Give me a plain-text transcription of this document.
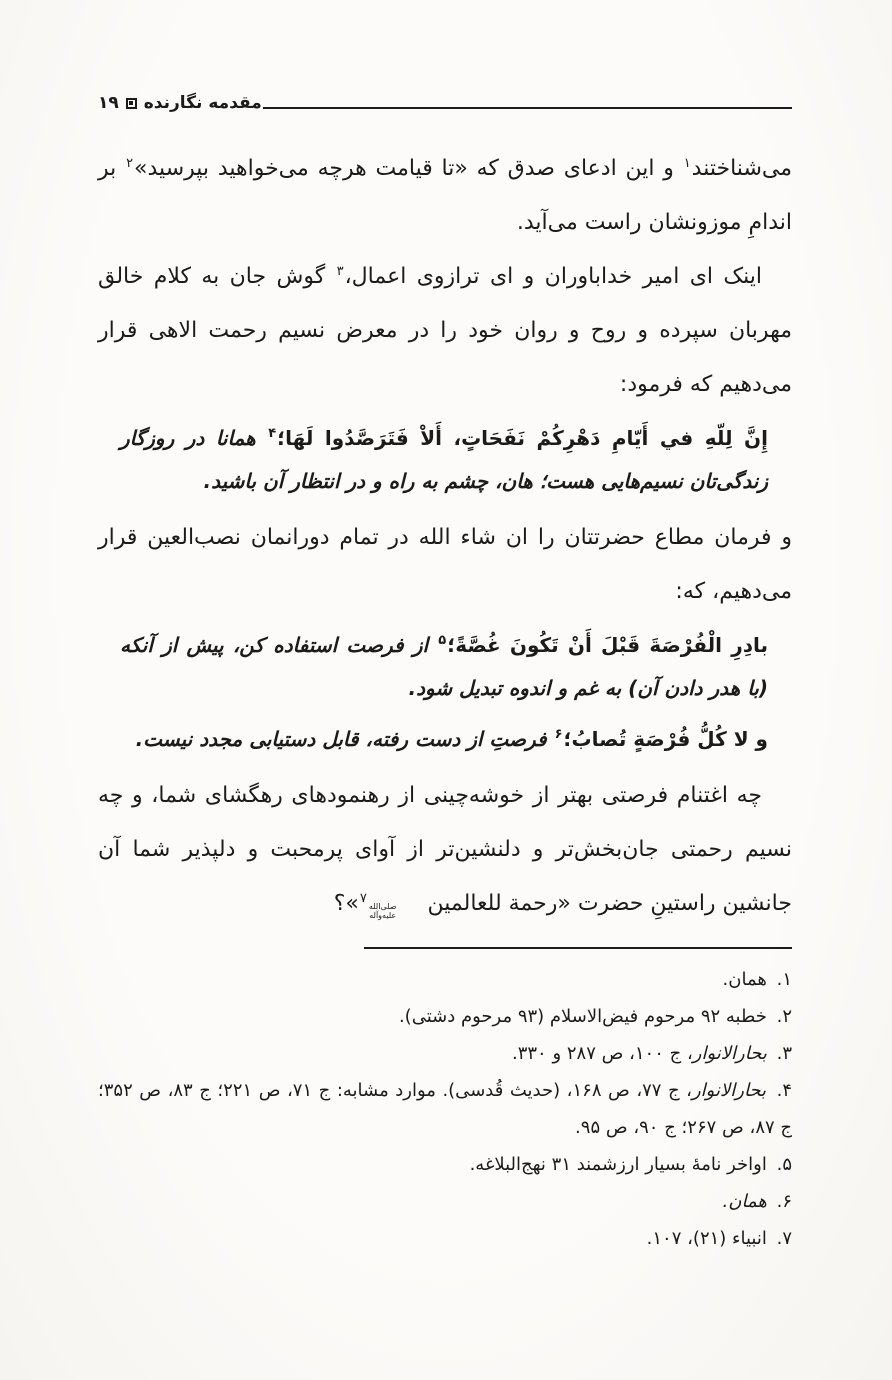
مقدمه نگارنده
۱۹

می‌شناختند$^۱$ و این ادعای صدق که «تا قیامت هرچه می‌خواهید بپرسید»$^۲$ بر اندامِ موزونشان راست می‌آید.

اینک ای امیر خداباوران و ای ترازوی اعمال،$^۳$ گوش جان به کلام خالق مهربان سپرده و روح و روان خود را در معرض نسیم رحمت الاهی قرار می‌دهیم که فرمود:

إِنَّ لِلّهِ في أَیّامِ دَهْرِكُمْ نَفَحَاتٍ، أَلاْ فَتَرَصَّدُوا لَهَا؛$^۴$ همانا در روزگار زندگی‌تان نسیم‌هایی هست؛ هان، چشم به راه و در انتظار آن باشید.

و فرمان مطاع حضرتتان را ان شاء الله در تمام دورانمان نصب‌العین قرار می‌دهیم، که:

بادِرِ الْفُرْصَةَ قَبْلَ أَنْ تَكُونَ غُصَّةً؛$^۵$ از فرصت استفاده کن، پیش از آنکه (با هدر دادن آن) به غم و اندوه تبدیل شود.
و لا كُلُّ فُرْصَةٍ تُصابُ؛$^۶$ فرصتِ از دست رفته، قابل دستیابی مجدد نیست.

چه اغتنام فرصتی بهتر از خوشه‌چینی از رهنمودهای رهگشای شما، و چه نسیم رحمتی جان‌بخش‌تر و دلنشین‌تر از آوای پرمحبت و دلپذیر شما آن جانشین راستینِ حضرت «رحمة للعالمین
صلی‌الله
علیه‌وآله
$^۷$»؟

۱. همان.

۲. خطبه ۹۲ مرحوم فیض‌الاسلام (۹۳ مرحوم دشتی).

۳. بحارالانوار، ج ۱۰۰، ص ۲۸۷ و ۳۳۰.

۴. بحارالانوار، ج ۷۷، ص ۱۶۸، (حدیث قُدسی). موارد مشابه: ج ۷۱، ص ۲۲۱؛ ج ۸۳، ص ۳۵۲؛ ج ۸۷، ص ۲۶۷؛ ج ۹۰، ص ۹۵.

۵. اواخر نامهٔ بسیار ارزشمند ۳۱ نهج‌البلاغه.

۶. همان.

۷. انبیاء (۲۱)، ۱۰۷.
